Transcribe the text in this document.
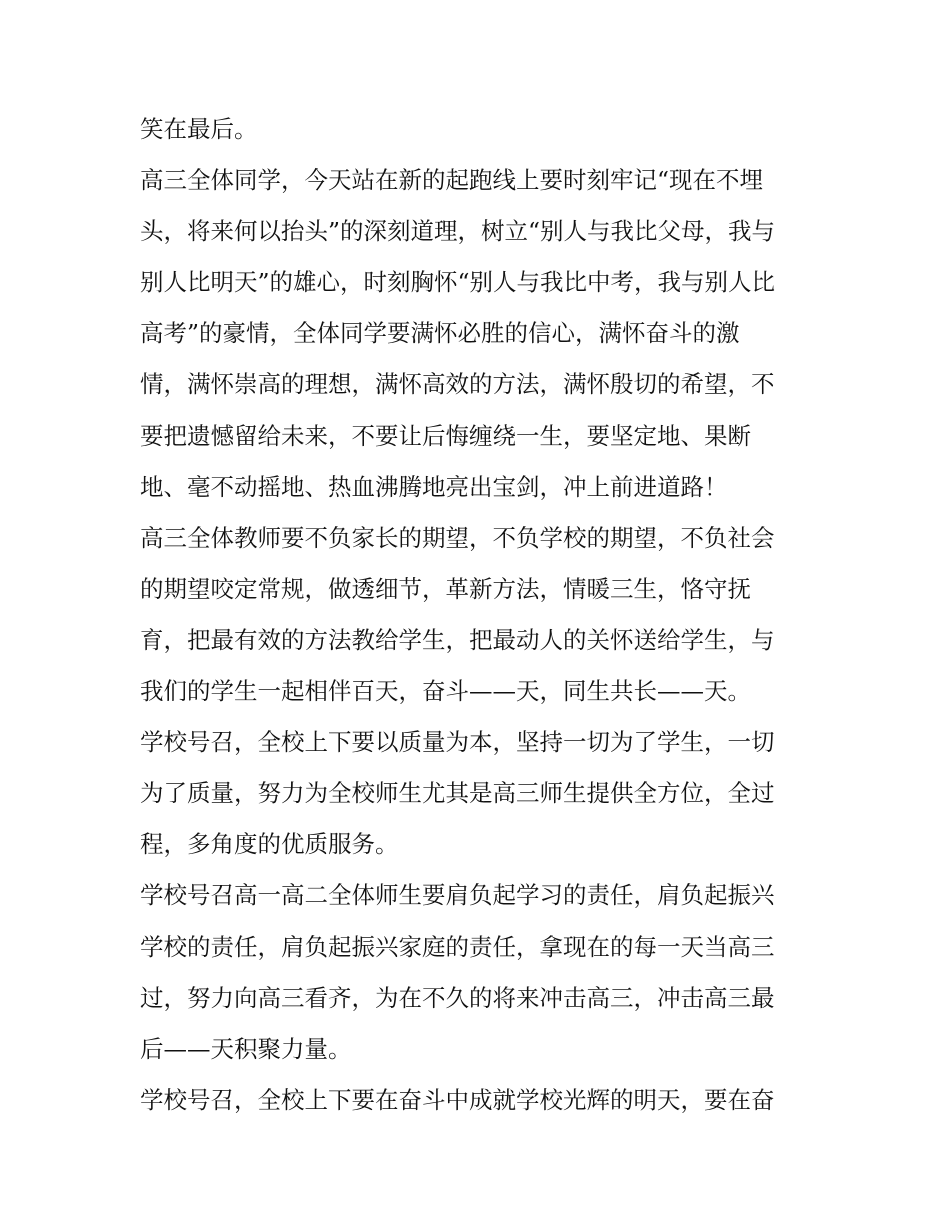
笑在最后。
高三全体同学，今天站在新的起跑线上要时刻牢记“现在不埋
头，将来何以抬头”的深刻道理，树立“别人与我比父母，我与
别人比明天”的雄心，时刻胸怀“别人与我比中考，我与别人比
高考”的豪情，全体同学要满怀必胜的信心，满怀奋斗的激
情，满怀崇高的理想，满怀高效的方法，满怀殷切的希望，不
要把遗憾留给未来，不要让后悔缠绕一生，要坚定地、果断
地、毫不动摇地、热血沸腾地亮出宝剑，冲上前进道路！
高三全体教师要不负家长的期望，不负学校的期望，不负社会
的期望咬定常规，做透细节，革新方法，情暖三生，恪守抚
育，把最有效的方法教给学生，把最动人的关怀送给学生，与
我们的学生一起相伴百天，奋斗——天，同生共长——天。
学校号召，全校上下要以质量为本，坚持一切为了学生，一切
为了质量，努力为全校师生尤其是高三师生提供全方位，全过
程，多角度的优质服务。
学校号召高一高二全体师生要肩负起学习的责任，肩负起振兴
学校的责任，肩负起振兴家庭的责任，拿现在的每一天当高三
过，努力向高三看齐，为在不久的将来冲击高三，冲击高三最
后——天积聚力量。
学校号召，全校上下要在奋斗中成就学校光辉的明天，要在奋
